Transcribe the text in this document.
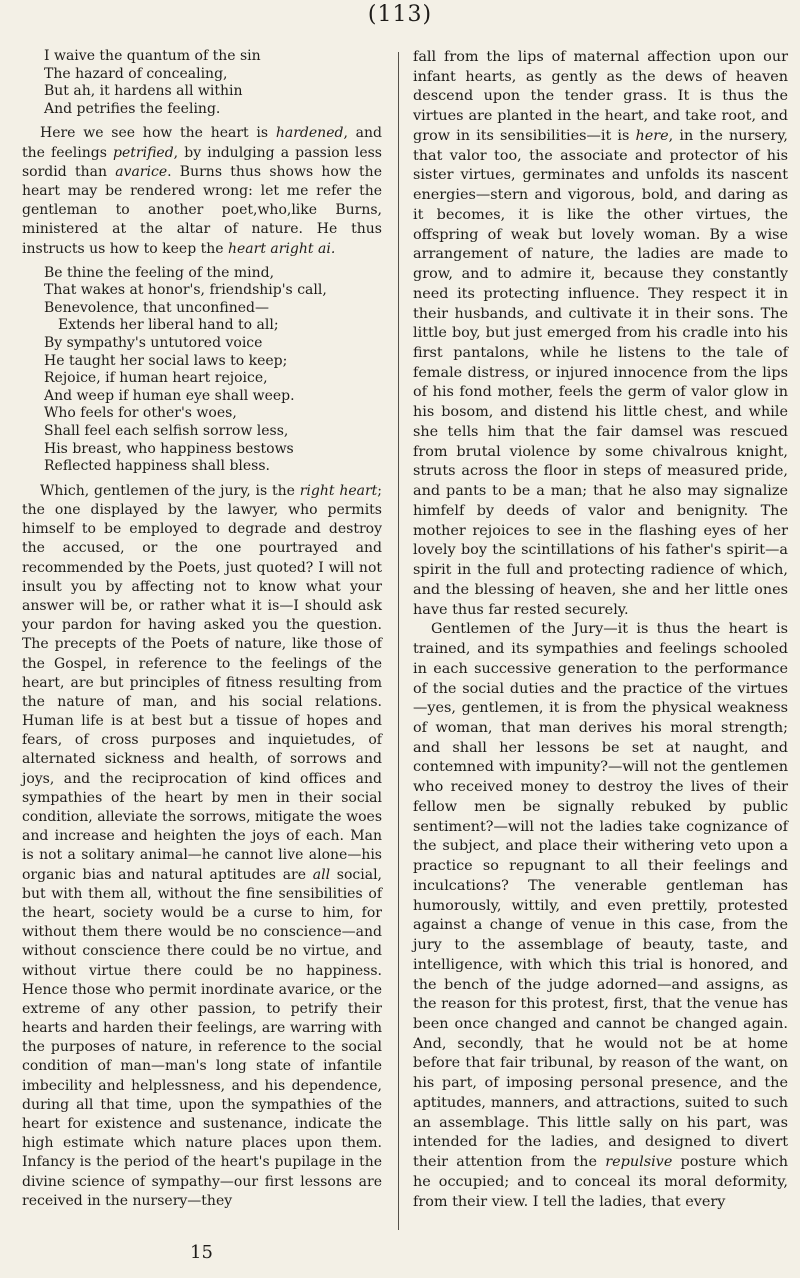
(113)
I waive the quantum of the sin
The hazard of concealing,
But ah, it hardens all within
And petrifies the feeling.

Here we see how the heart is hardened, and the feelings petrified, by indulging a passion less sordid than avarice. Burns thus shows how the heart may be rendered wrong: let me refer the gentleman to another poet,who,like Burns, ministered at the altar of nature. He thus instructs us how to keep the heart aright ai.

Be thine the feeling of the mind,
That wakes at honor's, friendship's call,
Benevolence, that unconfined—
Extends her liberal hand to all;
By sympathy's untutored voice
He taught her social laws to keep;
Rejoice, if human heart rejoice,
And weep if human eye shall weep.
Who feels for other's woes,
Shall feel each selfish sorrow less,
His breast, who happiness bestows
Reflected happiness shall bless.

Which, gentlemen of the jury, is the right heart; the one displayed by the lawyer, who permits himself to be employed to degrade and destroy the accused, or the one pourtrayed and recommended by the Poets, just quoted? I will not insult you by affecting not to know what your answer will be, or rather what it is—I should ask your pardon for having asked you the question. The precepts of the Poets of nature, like those of the Gospel, in reference to the feelings of the heart, are but principles of fitness resulting from the nature of man, and his social relations. Human life is at best but a tissue of hopes and fears, of cross purposes and inquietudes, of alternated sickness and health, of sorrows and joys, and the reciprocation of kind offices and sympathies of the heart by men in their social condition, alleviate the sorrows, mitigate the woes and increase and heighten the joys of each. Man is not a solitary animal—he cannot live alone—his organic bias and natural aptitudes are all social, but with them all, without the fine sensibilities of the heart, society would be a curse to him, for without them there would be no conscience—and without conscience there could be no virtue, and without virtue there could be no happiness. Hence those who permit inordinate avarice, or the extreme of any other passion, to petrify their hearts and harden their feelings, are warring with the purposes of nature, in reference to the social condition of man—man's long state of infantile imbecility and helplessness, and his dependence, during all that time, upon the sympathies of the heart for existence and sustenance, indicate the high estimate which nature places upon them. Infancy is the period of the heart's pupilage in the divine science of sympathy—our first lessons are received in the nursery—they

fall from the lips of maternal affection upon our infant hearts, as gently as the dews of heaven descend upon the tender grass. It is thus the virtues are planted in the heart, and take root, and grow in its sensibilities—it is here, in the nursery, that valor too, the associate and protector of his sister virtues, germinates and unfolds its nascent energies—stern and vigorous, bold, and daring as it becomes, it is like the other virtues, the offspring of weak but lovely woman. By a wise arrangement of nature, the ladies are made to grow, and to admire it, because they constantly need its protecting influence. They respect it in their husbands, and cultivate it in their sons. The little boy, but just emerged from his cradle into his first pantalons, while he listens to the tale of female distress, or injured innocence from the lips of his fond mother, feels the germ of valor glow in his bosom, and distend his little chest, and while she tells him that the fair damsel was rescued from brutal violence by some chivalrous knight, struts across the floor in steps of measured pride, and pants to be a man; that he also may signalize himfelf by deeds of valor and benignity. The mother rejoices to see in the flashing eyes of her lovely boy the scintillations of his father's spirit—a spirit in the full and protecting radience of which, and the blessing of heaven, she and her little ones have thus far rested securely.

Gentlemen of the Jury—it is thus the heart is trained, and its sympathies and feelings schooled in each successive generation to the performance of the social duties and the practice of the virtues—yes, gentlemen, it is from the physical weakness of woman, that man derives his moral strength; and shall her lessons be set at naught, and contemned with impunity?—will not the gentlemen who received money to destroy the lives of their fellow men be signally rebuked by public sentiment?—will not the ladies take cognizance of the subject, and place their withering veto upon a practice so repugnant to all their feelings and inculcations? The venerable gentleman has humorously, wittily, and even prettily, protested against a change of venue in this case, from the jury to the assemblage of beauty, taste, and intelligence, with which this trial is honored, and the bench of the judge adorned—and assigns, as the reason for this protest, first, that the venue has been once changed and cannot be changed again. And, secondly, that he would not be at home before that fair tribunal, by reason of the want, on his part, of imposing personal presence, and the aptitudes, manners, and attractions, suited to such an assemblage. This little sally on his part, was intended for the ladies, and designed to divert their attention from the repulsive posture which he occupied; and to conceal its moral deformity, from their view. I tell the ladies, that every

15
